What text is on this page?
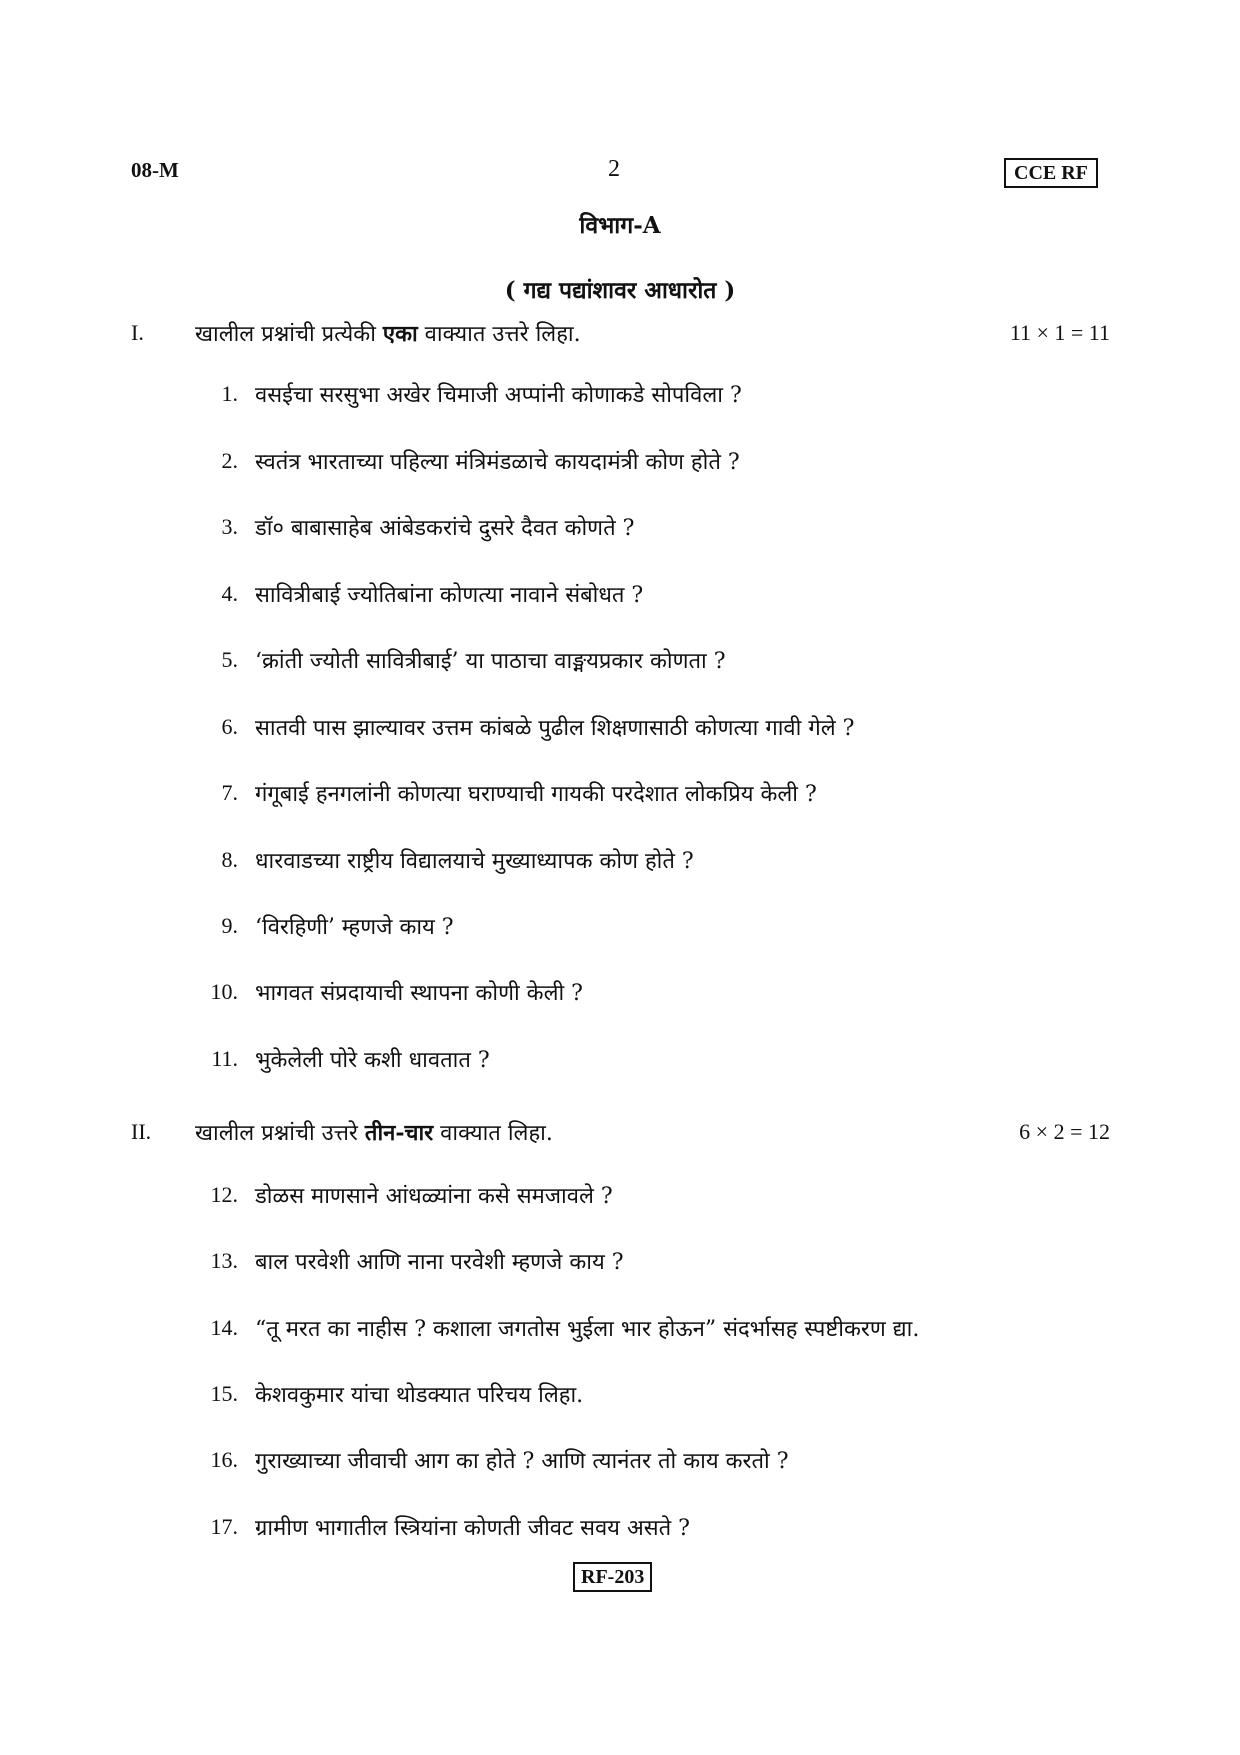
08-M	2	CCE RF
विभाग-A
( गद्य पद्यांशावर आधारोत )
I. खालील प्रश्नांची प्रत्येकी एका वाक्यात उत्तरे लिहा.	11 × 1 = 11
1. वसईचा सरसुभा अखेर चिमाजी अप्पांनी कोणाकडे सोपविला ?
2. स्वतंत्र भारताच्या पहिल्या मंत्रिमंडळाचे कायदामंत्री कोण होते ?
3. डॉ० बाबासाहेब आंबेडकरांचे दुसरे दैवत कोणते ?
4. सावित्रीबाई ज्योतिबांना कोणत्या नावाने संबोधत ?
5. ‘क्रांती ज्योती सावित्रीबाई’ या पाठाचा वाङ्मयप्रकार कोणता ?
6. सातवी पास झाल्यावर उत्तम कांबळे पुढील शिक्षणासाठी कोणत्या गावी गेले ?
7. गंगूबाई हनगलांनी कोणत्या घराण्याची गायकी परदेशात लोकप्रिय केली ?
8. धारवाडच्या राष्ट्रीय विद्यालयाचे मुख्याध्यापक कोण होते ?
9. ‘विरहिणी’ म्हणजे काय ?
10. भागवत संप्रदायाची स्थापना कोणी केली ?
11. भुकेलेली पोरे कशी धावतात ?
II. खालील प्रश्नांची उत्तरे तीन-चार वाक्यात लिहा.	6 × 2 = 12
12. डोळस माणसाने आंधळ्यांना कसे समजावले ?
13. बाल परवेशी आणि नाना परवेशी म्हणजे काय ?
14. “तू मरत का नाहीस ? कशाला जगतोस भुईला भार होऊन” संदर्भासह स्पष्टीकरण द्या.
15. केशवकुमार यांचा थोडक्यात परिचय लिहा.
16. गुराख्याच्या जीवाची आग का होते ? आणि त्यानंतर तो काय करतो ?
17. ग्रामीण भागातील स्त्रियांना कोणती जीवट सवय असते ?
RF-203
